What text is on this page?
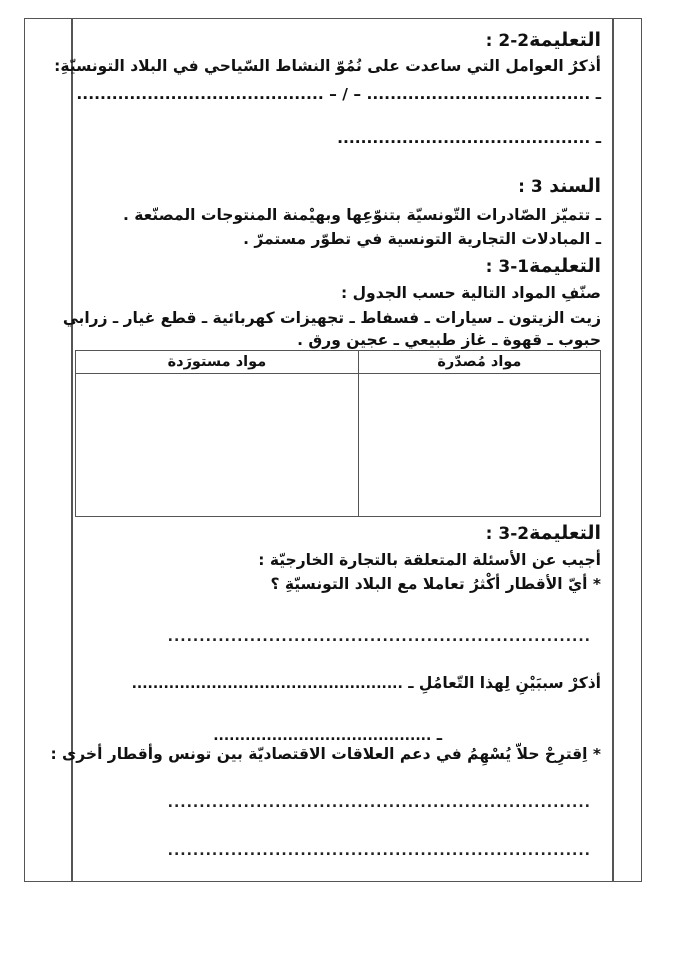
التعليمة2-2 :
أذكرُ العوامل التي ساعدت على نُمُوّ النشاط السّياحي في البلاد التونسيّةِ:
ـ ...................................... – / – ..........................................
ـ ...........................................
السند 3 :
ـ تتميّز الصّادرات التّونسيّة بتنوّعِها وبهيْمنة المنتوجات المصنّعة .
ـ المبادلات التجارية التونسية في تطوّر مستمرّ .
التعليمة1-3 :
صنّفِ المواد التالية حسب الجدول :
زيت الزيتون ـ سيارات ـ فسفاط ـ تجهيزات كهربائية ـ قطع غيار ـ زرابي
حبوب ـ قهوة ـ غاز طبيعي ـ عجين ورق .
مواد مُصدّرة	مواد مستورَدة

التعليمة2-3 :
أجيب عن الأسئلة المتعلقة بالتجارة الخارجيّة :
* أيّ الأقطار أكْثرُ تعاملا مع البلاد التونسيّةِ ؟
...................................................................
أذكرْ سببَيْنِ لِهذا التّعامُلِ ـ ...................................................
ـ .........................................
* اِقترِحْ حلاّ يُسْهِمُ في دعم العلاقات الاقتصاديّة بين تونس وأقطار أخرى :
...................................................................
...................................................................
